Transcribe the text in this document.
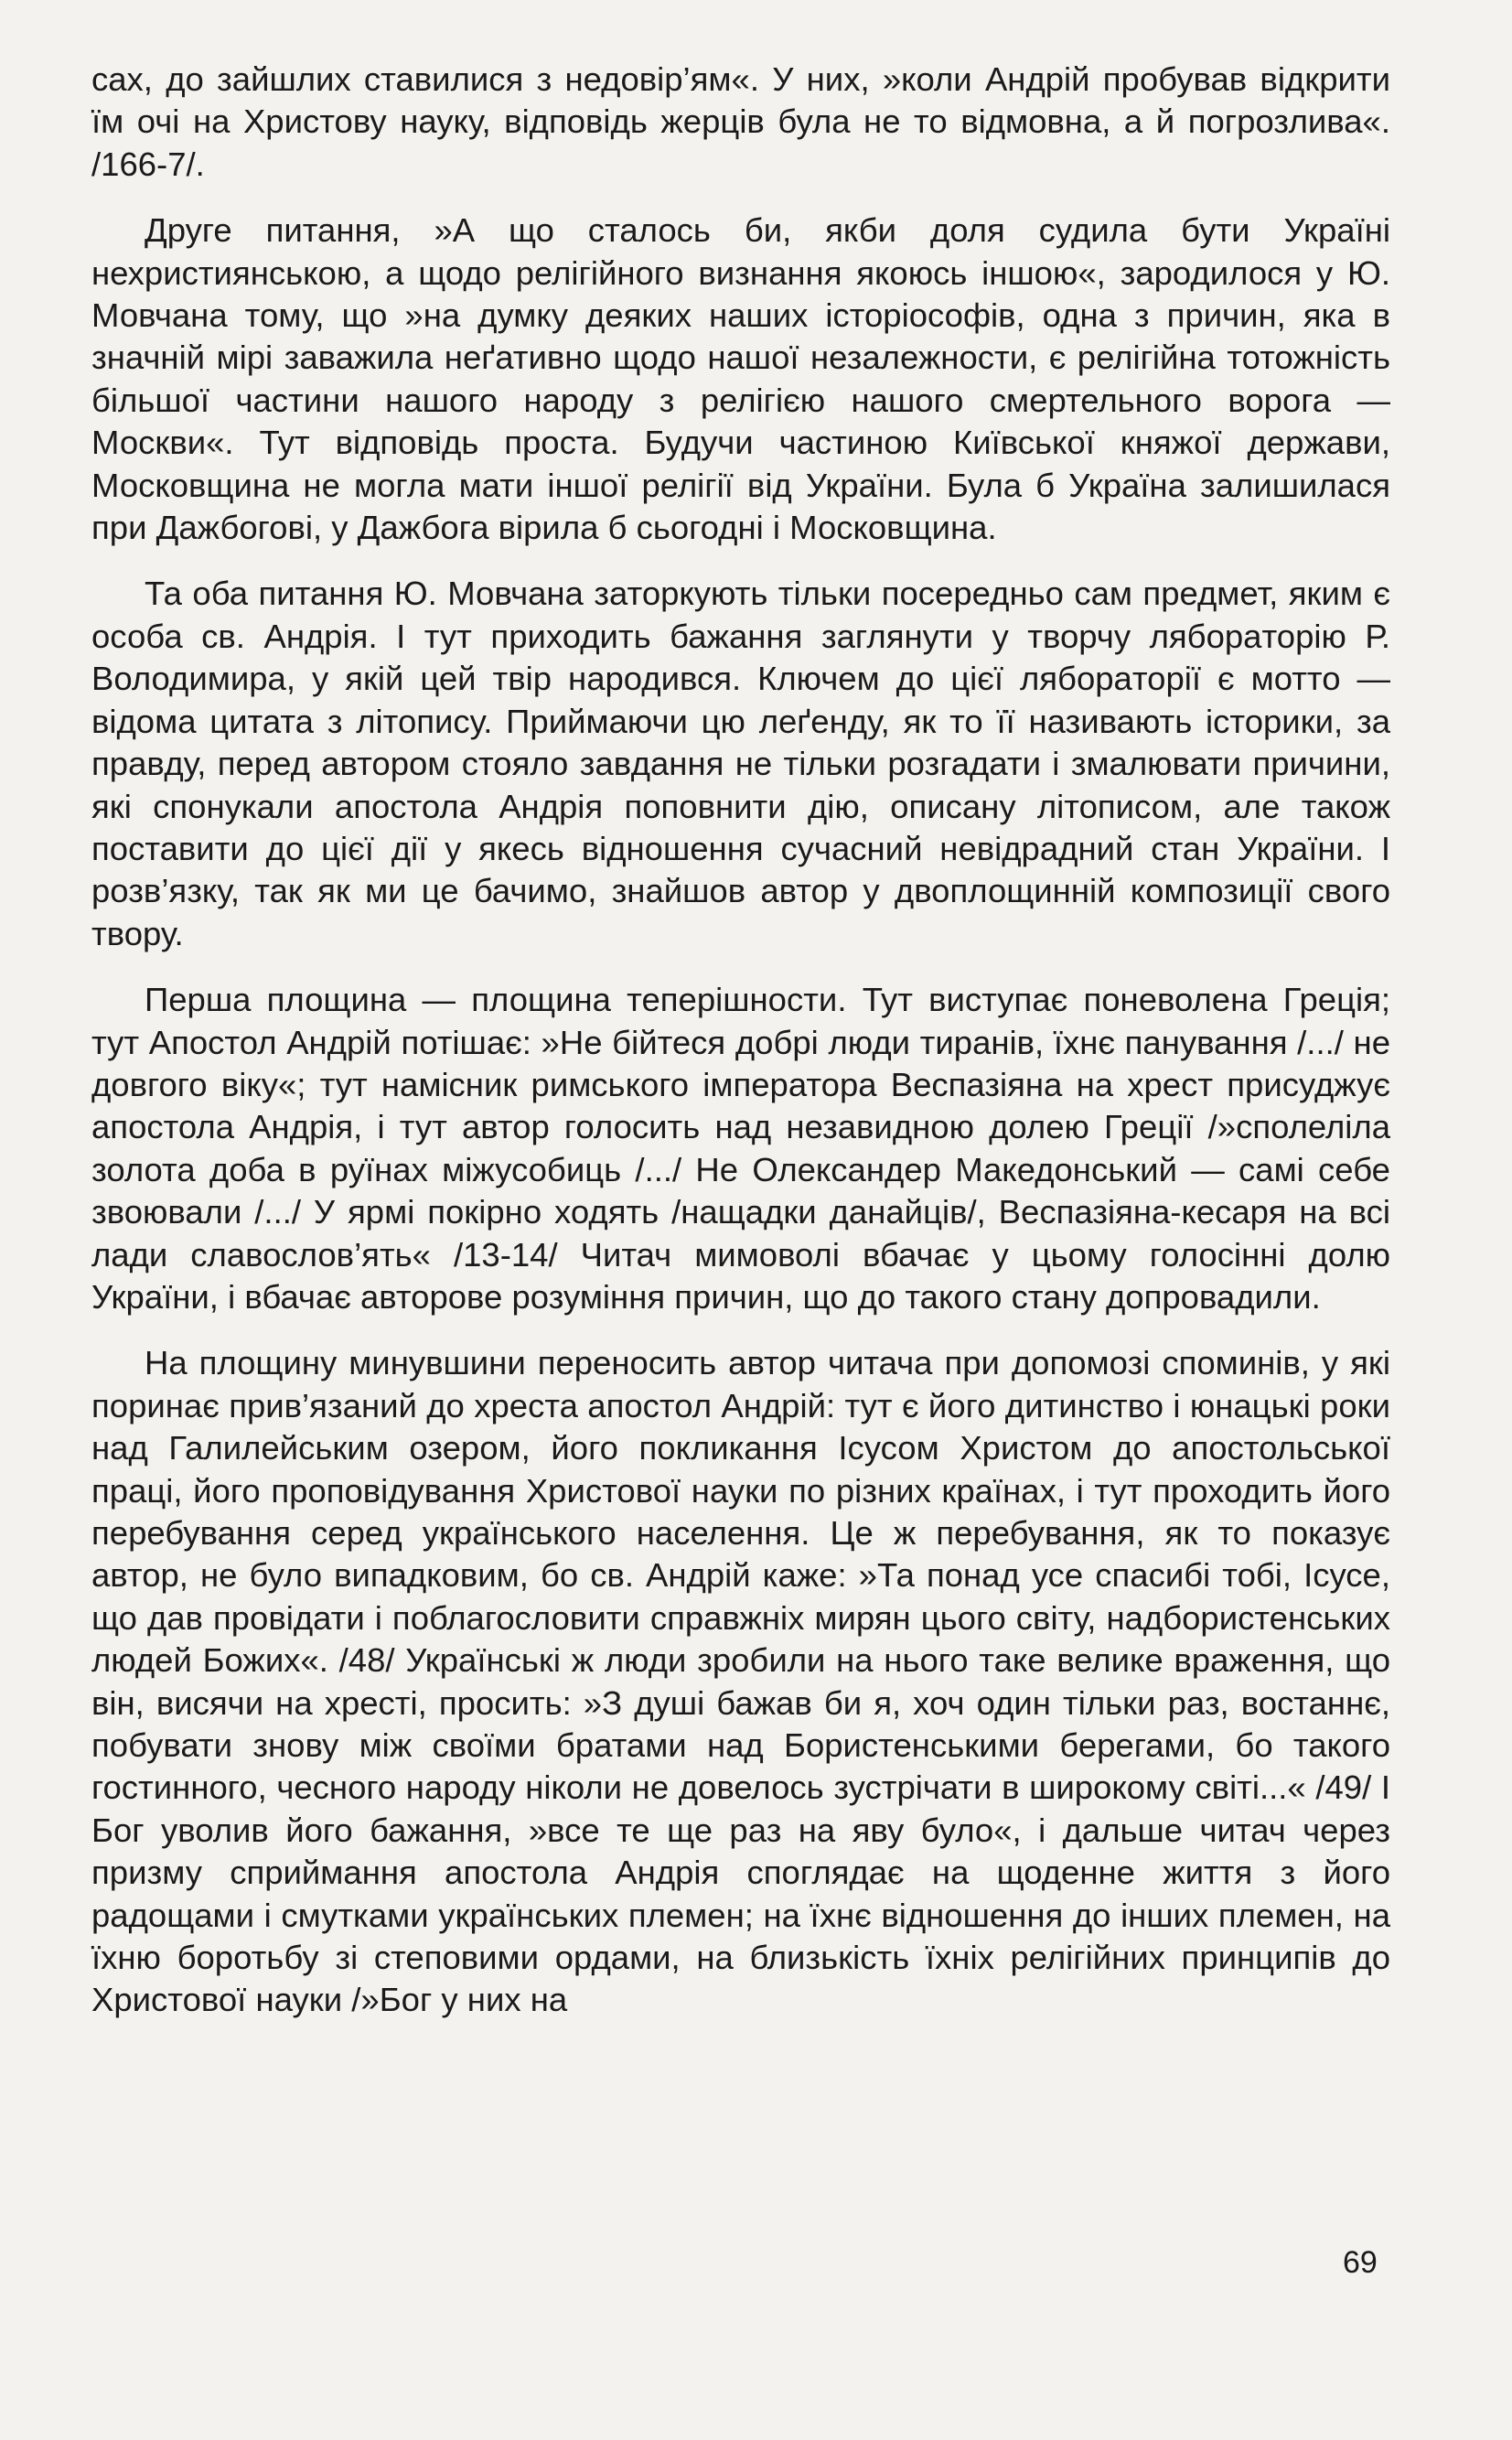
сах, до зайшлих ставилися з недовір’ям«. У них, »коли Андрій пробував відкрити їм очі на Христову науку, відповідь жерців була не то відмовна, а й погрозлива«. /166-7/.

Друге питання, »А що сталось би, якби доля судила бути Україні нехристиянською, а щодо релігійного визнання якоюсь іншою«, зародилося у Ю. Мовчана тому, що »на думку деяких наших історіософів, одна з причин, яка в значній мірі заважила неґативно щодо нашої незалежности, є релігійна тотожність більшої частини нашого народу з релігією нашого смертельного ворога — Москви«. Тут відповідь проста. Будучи частиною Київської княжої держави, Московщина не могла мати іншої релігії від України. Була б Україна залишилася при Дажбогові, у Дажбога вірила б сьогодні і Московщина.

Та оба питання Ю. Мовчана заторкують тільки посередньо сам предмет, яким є особа св. Андрія. І тут приходить бажання заглянути у творчу ляборaторію Р. Володимира, у якій цей твір народився. Ключем до цієї ляборaторії є мотто — відома цитата з літопису. Приймаючи цю леґенду, як то її називають історики, за правду, перед автором стояло завдання не тільки розгадати і змалювати причини, які спонукали апостола Андрія поповнити дію, описану літописом, але також поставити до цієї дії у якесь відношення сучасний невідрадний стан України. І розв’язку, так як ми це бачимо, знайшов автор у двоплощинній композиції свого твору.

Перша площина — площина теперішности. Тут виступає поневолена Греція; тут Апостол Андрій потішає: »Не бійтеся добрі люди тиранів, їхнє панування /.../ не довгого віку«; тут намісник римського імператора Веспазіяна на хрест присуджує апостола Андрія, і тут автор голосить над незавидною долею Греції /»сполеліла золота доба в руїнах міжусобиць /.../ Не Олександер Македонський — самі себе звоювали /.../ У ярмі покірно ходять /нащадки данайців/, Веспазіяна-кесаря на всі лади славослов’ять« /13-14/ Читач мимоволі вбачає у цьому голосінні долю України, і вбачає авторове розуміння причин, що до такого стану допровадили.

На площину минувшини переносить автор читача при допомозі споминів, у які поринає прив’язаний до хреста апостол Андрій: тут є його дитинство і юнацькі роки над Галилейським озером, його покликання Ісусом Христом до апостольської праці, його проповідування Христової науки по різних країнах, і тут проходить його перебування серед українського населення. Це ж перебування, як то показує автор, не було випадковим, бо св. Андрій каже: »Та понад усе спасибі тобі, Ісусе, що дав провідати і поблагословити справжніх мирян цього світу, надбористенських людей Божих«. /48/ Українські ж люди зробили на нього таке велике враження, що він, висячи на хресті, просить: »З душі бажав би я, хоч один тільки раз, востаннє, побувати знову між своїми братами над Бористенськими берегами, бо такого гостинного, чесного народу ніколи не довелось зустрічати в широкому світі...« /49/ І Бог уволив його бажання, »все те ще раз на яву було«, і дальше читач через призму сприймання апостола Андрія споглядає на щоденне життя з його радощами і смутками українських племен; на їхнє відношення до інших племен, на їхню боротьбу зі степовими ордами, на близькість їхніх релігійних принципів до Христової науки /»Бог у них на

69
